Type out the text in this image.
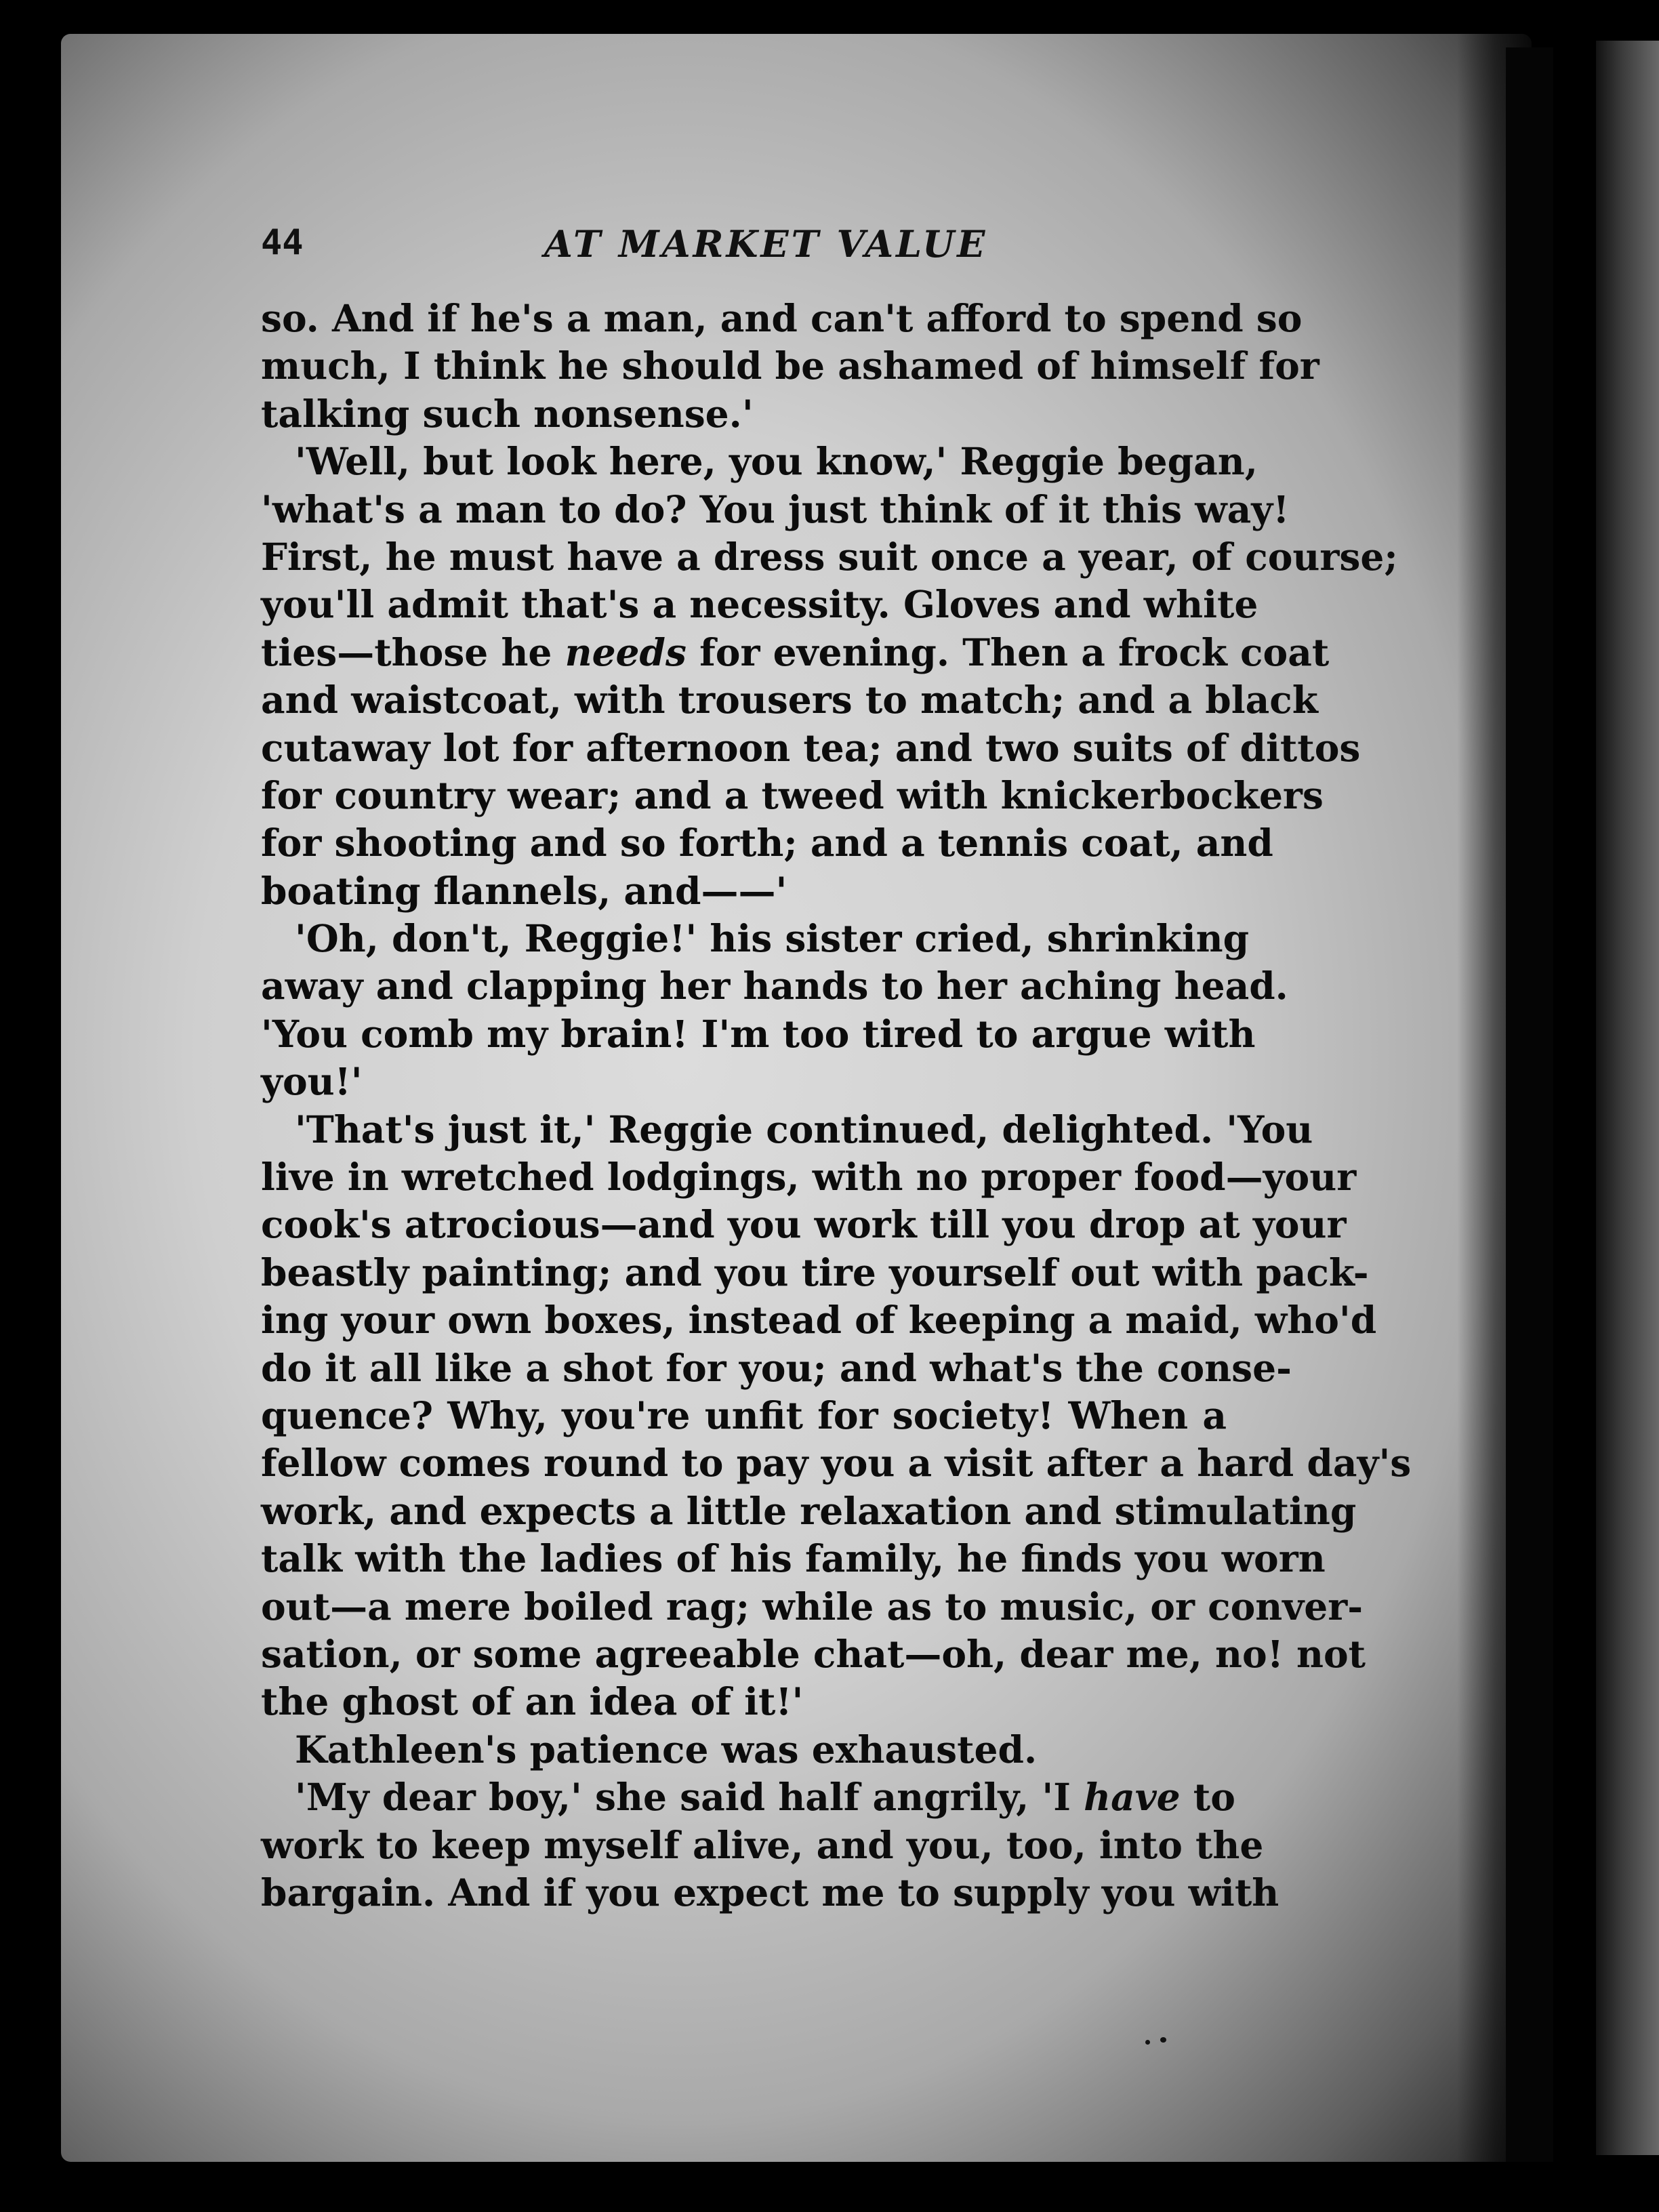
44	AT MARKET VALUE
so. And if he's a man, and can't afford to spend so
much, I think he should be ashamed of himself for
talking such nonsense.'
'Well, but look here, you know,' Reggie began,
'what's a man to do? You just think of it this way!
First, he must have a dress suit once a year, of course;
you'll admit that's a necessity. Gloves and white
ties—those he needs for evening. Then a frock coat
and waistcoat, with trousers to match; and a black
cutaway lot for afternoon tea; and two suits of dittos
for country wear; and a tweed with knickerbockers
for shooting and so forth; and a tennis coat, and
boating flannels, and——'
'Oh, don't, Reggie!' his sister cried, shrinking
away and clapping her hands to her aching head.
'You comb my brain! I'm too tired to argue with
you!'
'That's just it,' Reggie continued, delighted. 'You
live in wretched lodgings, with no proper food—your
cook's atrocious—and you work till you drop at your
beastly painting; and you tire yourself out with pack-
ing your own boxes, instead of keeping a maid, who'd
do it all like a shot for you; and what's the conse-
quence? Why, you're unfit for society! When a
fellow comes round to pay you a visit after a hard day's
work, and expects a little relaxation and stimulating
talk with the ladies of his family, he finds you worn
out—a mere boiled rag; while as to music, or conver-
sation, or some agreeable chat—oh, dear me, no! not
the ghost of an idea of it!'
Kathleen's patience was exhausted.
'My dear boy,' she said half angrily, 'I have to
work to keep myself alive, and you, too, into the
bargain. And if you expect me to supply you with
